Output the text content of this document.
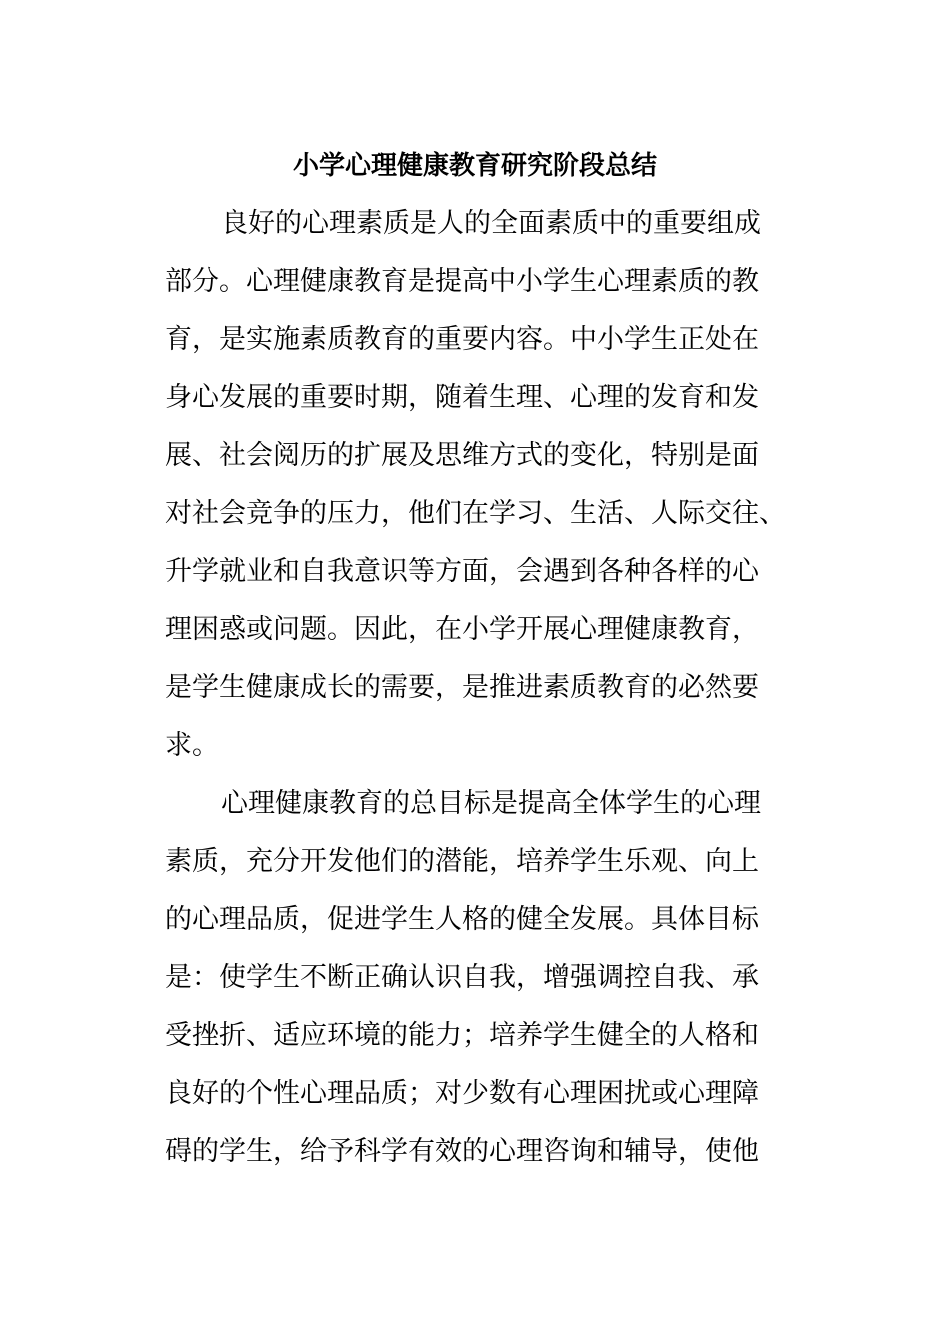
小学心理健康教育研究阶段总结
良好的心理素质是人的全面素质中的重要组成
部分。心理健康教育是提高中小学生心理素质的教
育，是实施素质教育的重要内容。中小学生正处在
身心发展的重要时期，随着生理、心理的发育和发
展、社会阅历的扩展及思维方式的变化，特别是面
对社会竞争的压力，他们在学习、生活、人际交往、
升学就业和自我意识等方面，会遇到各种各样的心
理困惑或问题。因此，在小学开展心理健康教育，
是学生健康成长的需要，是推进素质教育的必然要
求。
心理健康教育的总目标是提高全体学生的心理
素质，充分开发他们的潜能，培养学生乐观、向上
的心理品质，促进学生人格的健全发展。具体目标
是：使学生不断正确认识自我，增强调控自我、承
受挫折、适应环境的能力；培养学生健全的人格和
良好的个性心理品质；对少数有心理困扰或心理障
碍的学生，给予科学有效的心理咨询和辅导，使他
